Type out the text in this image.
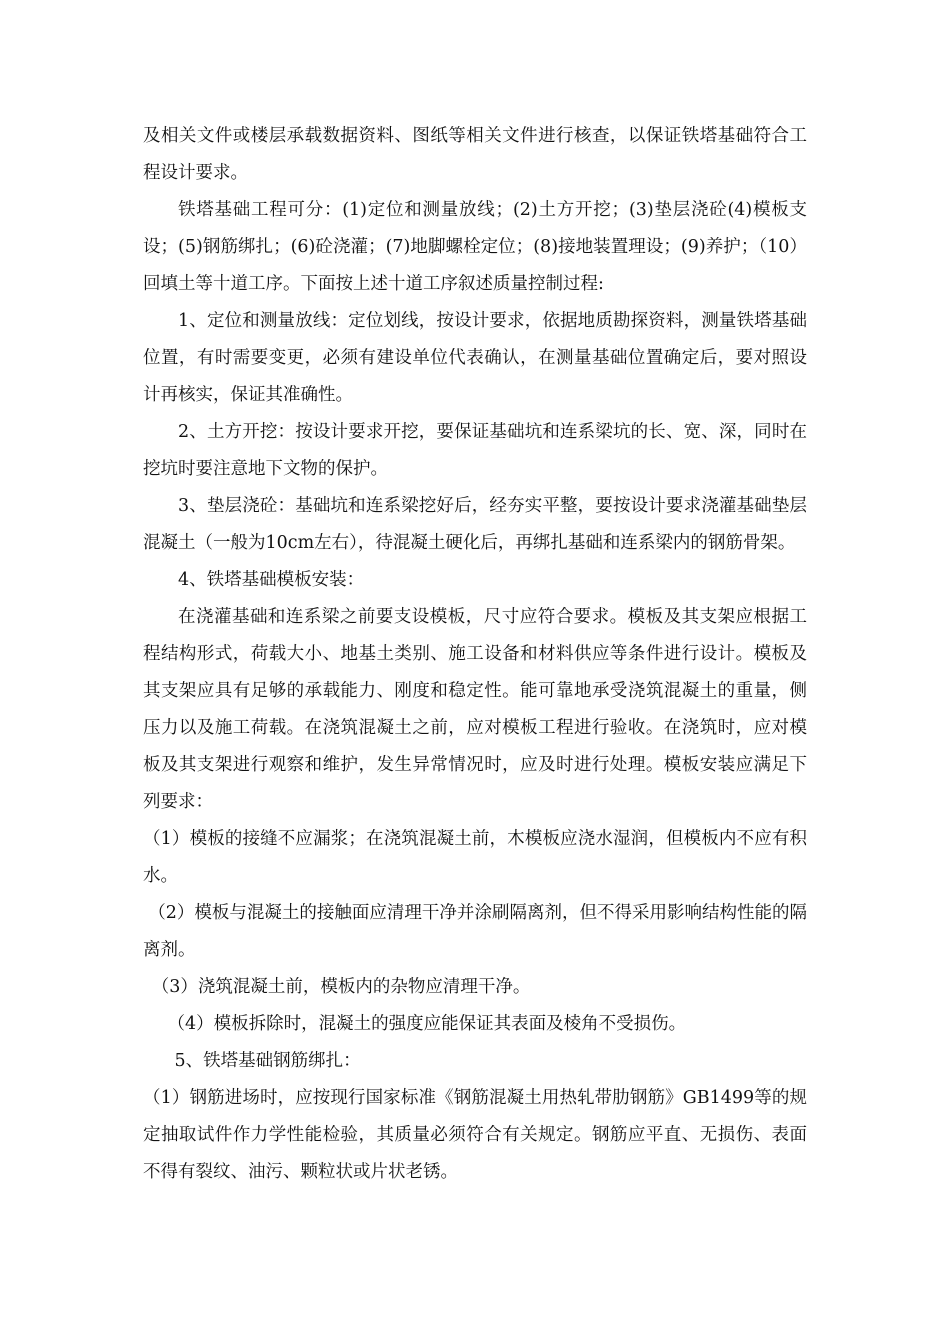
及相关文件或楼层承载数据资料、图纸等相关文件进行核查，以保证铁塔基础符合工程设计要求。

铁塔基础工程可分：(1)定位和测量放线；(2)土方开挖；(3)垫层浇砼(4)模板支设；(5)钢筋绑扎；(6)砼浇灌；(7)地脚螺栓定位；(8)接地装置理设；(9)养护；（10）回填土等十道工序。下面按上述十道工序叙述质量控制过程:

1、定位和测量放线：定位划线，按设计要求，依据地质勘探资料，测量铁塔基础位置，有时需要变更，必须有建设单位代表确认，在测量基础位置确定后，要对照设计再核实，保证其准确性。

2、土方开挖：按设计要求开挖，要保证基础坑和连系梁坑的长、宽、深，同时在挖坑时要注意地下文物的保护。

3、垫层浇砼：基础坑和连系梁挖好后，经夯实平整，要按设计要求浇灌基础垫层混凝土（一般为10cm左右），待混凝土硬化后，再绑扎基础和连系梁内的钢筋骨架。

4、铁塔基础模板安装：

在浇灌基础和连系梁之前要支设模板，尺寸应符合要求。模板及其支架应根据工程结构形式，荷载大小、地基土类别、施工设备和材料供应等条件进行设计。模板及其支架应具有足够的承载能力、刚度和稳定性。能可靠地承受浇筑混凝土的重量，侧压力以及施工荷载。在浇筑混凝土之前，应对模板工程进行验收。在浇筑时，应对模板及其支架进行观察和维护，发生异常情况时，应及时进行处理。模板安装应满足下列要求：

（1）模板的接缝不应漏浆；在浇筑混凝土前，木模板应浇水湿润，但模板内不应有积水。

（2）模板与混凝土的接触面应清理干净并涂刷隔离剂，但不得采用影响结构性能的隔离剂。

（3）浇筑混凝土前，模板内的杂物应清理干净。

（4）模板拆除时，混凝土的强度应能保证其表面及棱角不受损伤。

5、铁塔基础钢筋绑扎：

（1）钢筋进场时，应按现行国家标准《钢筋混凝土用热轧带肋钢筋》GB1499等的规定抽取试件作力学性能检验，其质量必须符合有关规定。钢筋应平直、无损伤、表面不得有裂纹、油污、颗粒状或片状老锈。
